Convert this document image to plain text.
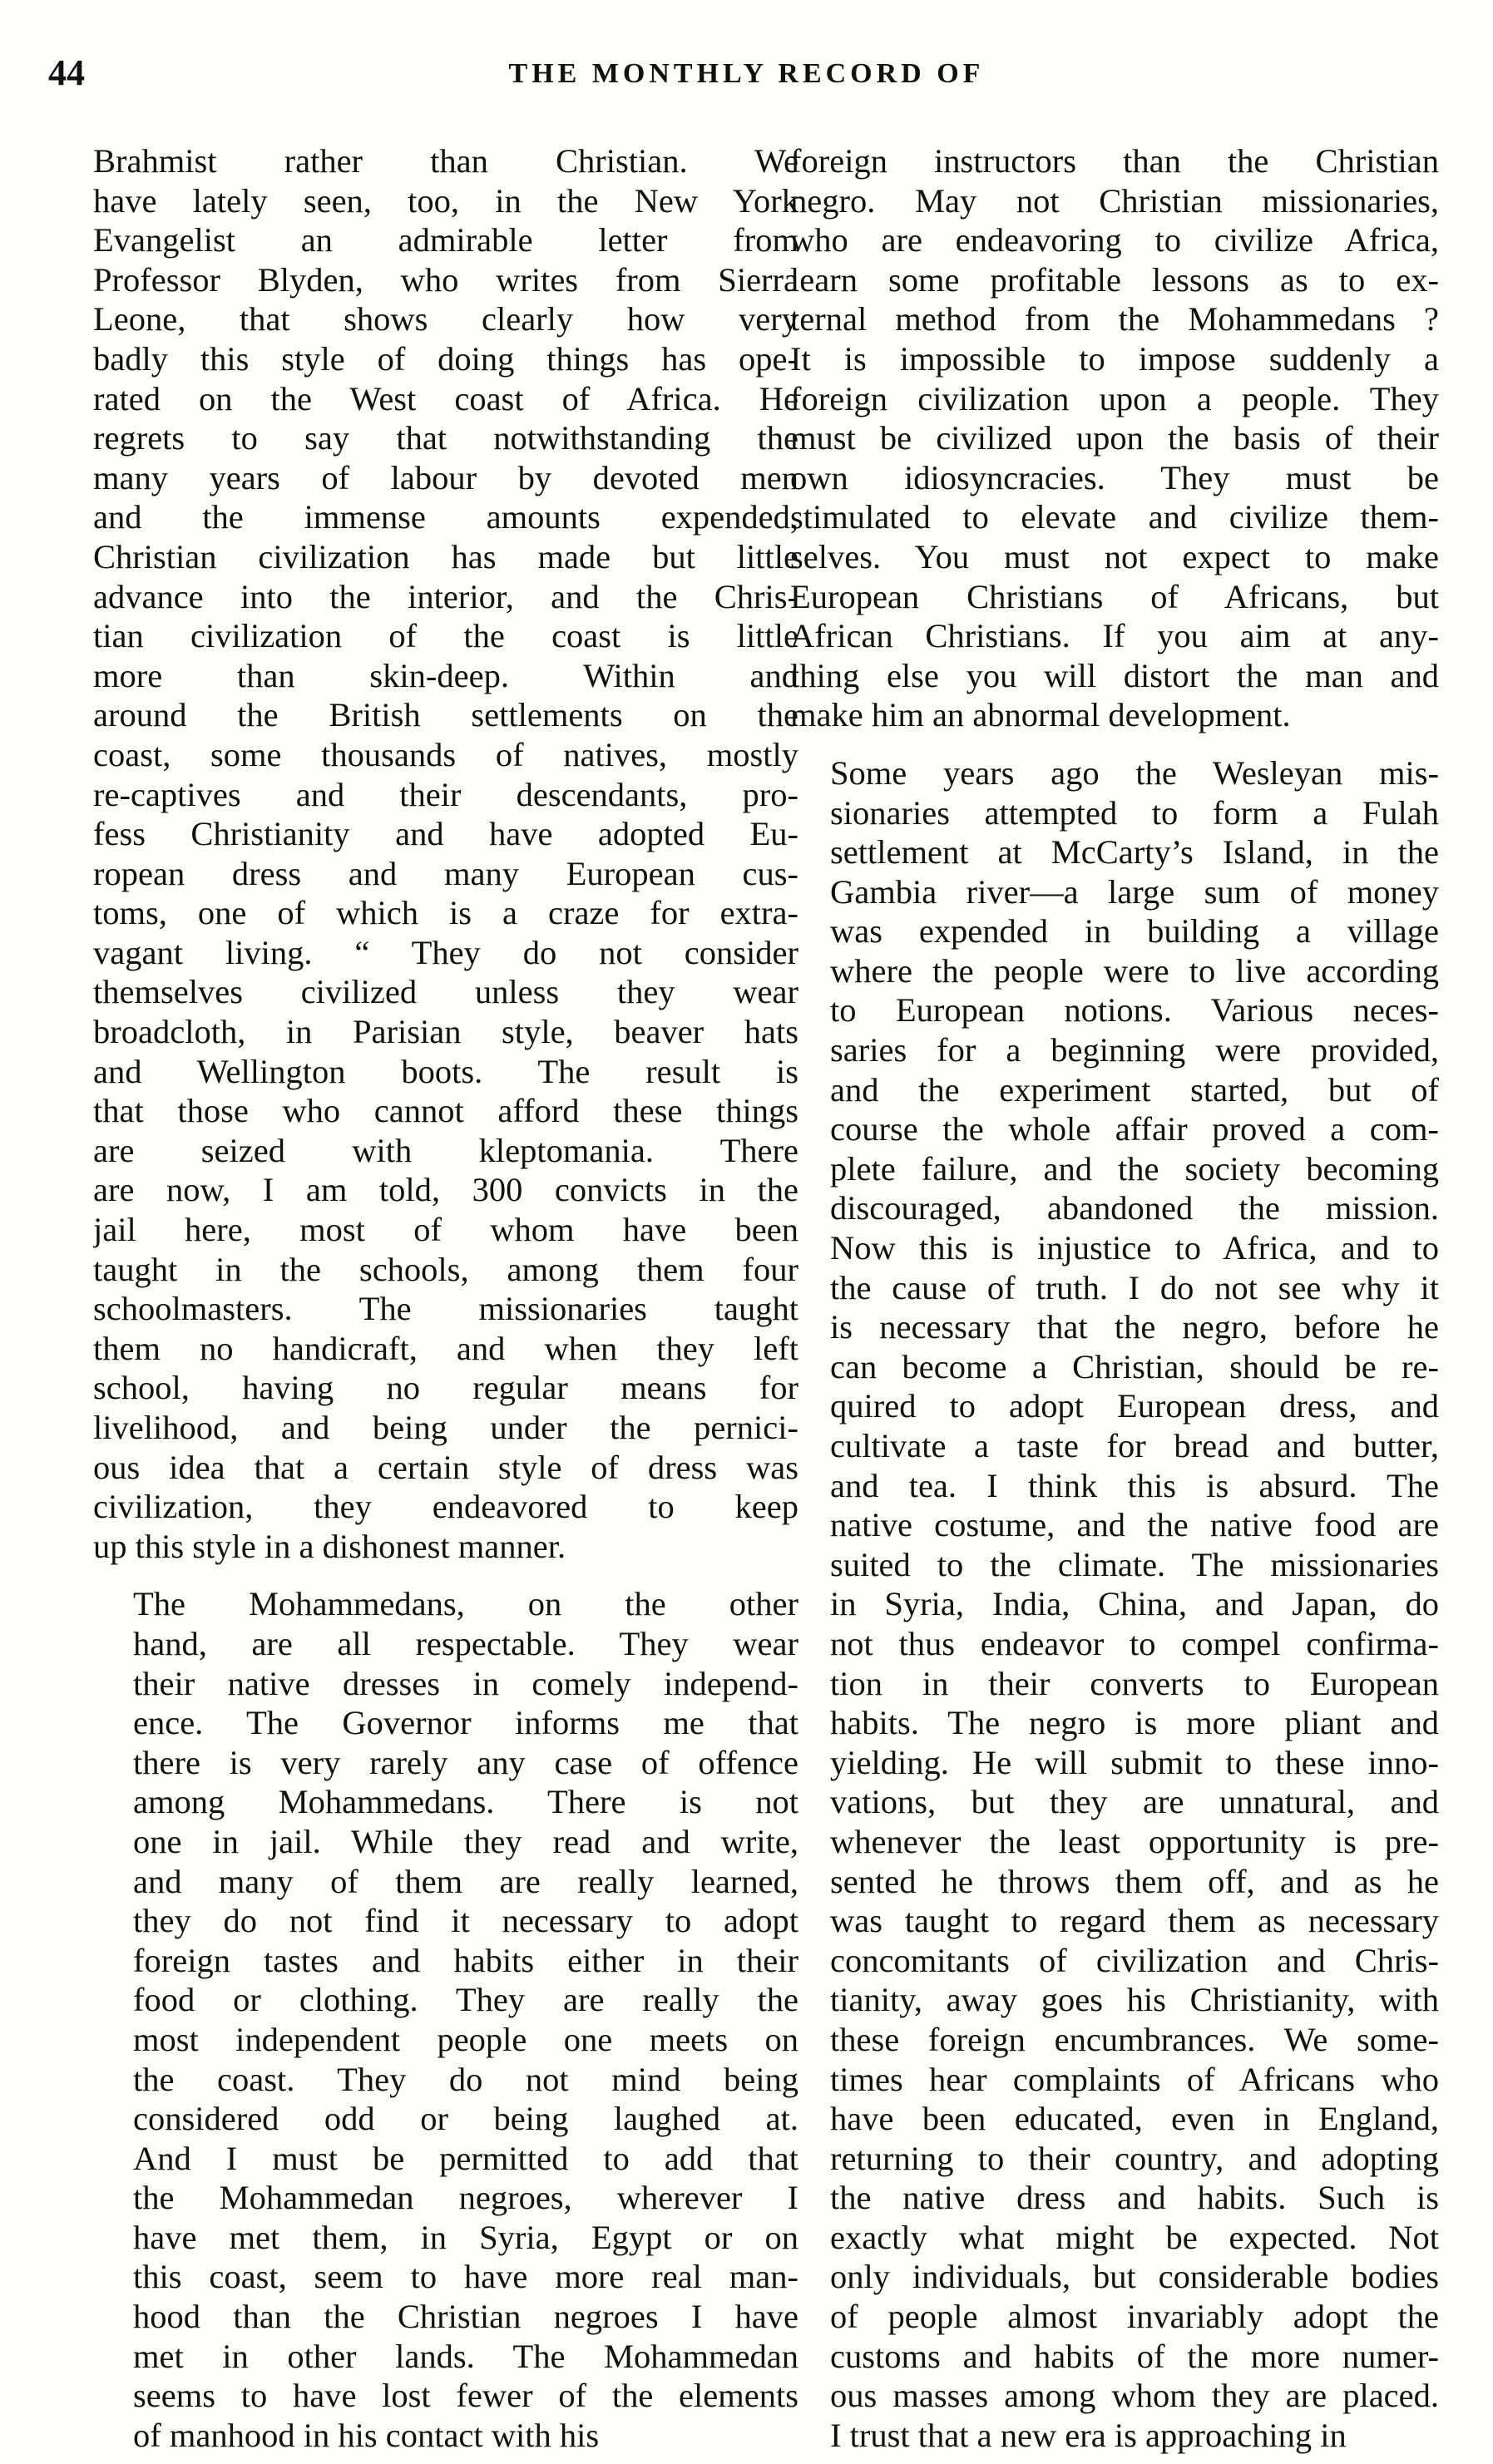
44	THE MONTHLY RECORD OF
Brahmist rather than Christian. We
have lately seen, too, in the New York
Evangelist an admirable letter from
Professor Blyden, who writes from Sierra
Leone, that shows clearly how very
badly this style of doing things has ope-
rated on the West coast of Africa. He
regrets to say that notwithstanding the
many years of labour by devoted men
and the immense amounts expended,
Christian civilization has made but little
advance into the interior, and the Chris-
tian civilization of the coast is little
more than skin-deep. Within and
around the British settlements on the
coast, some thousands of natives, mostly
re-captives and their descendants, pro-
fess Christianity and have adopted Eu-
ropean dress and many European cus-
toms, one of which is a craze for extra-
vagant living. “ They do not consider
themselves civilized unless they wear
broadcloth, in Parisian style, beaver hats
and Wellington boots. The result is
that those who cannot afford these things
are seized with kleptomania. There
are now, I am told, 300 convicts in the
jail here, most of whom have been
taught in the schools, among them four
schoolmasters. The missionaries taught
them no handicraft, and when they left
school, having no regular means for
livelihood, and being under the pernici-
ous idea that a certain style of dress was
civilization, they endeavored to keep
up this style in a dishonest manner.
The Mohammedans, on the other
hand, are all respectable. They wear
their native dresses in comely independ-
ence. The Governor informs me that
there is very rarely any case of offence
among Mohammedans. There is not
one in jail. While they read and write,
and many of them are really learned,
they do not find it necessary to adopt
foreign tastes and habits either in their
food or clothing. They are really the
most independent people one meets on
the coast. They do not mind being
considered odd or being laughed at.
And I must be permitted to add that
the Mohammedan negroes, wherever I
have met them, in Syria, Egypt or on
this coast, seem to have more real man-
hood than the Christian negroes I have
met in other lands. The Mohammedan
seems to have lost fewer of the elements
of manhood in his contact with his
foreign instructors than the Christian
negro. May not Christian missionaries,
who are endeavoring to civilize Africa,
learn some profitable lessons as to ex-
ternal method from the Mohammedans ?
It is impossible to impose suddenly a
foreign civilization upon a people. They
must be civilized upon the basis of their
own idiosyncracies. They must be
stimulated to elevate and civilize them-
selves. You must not expect to make
European Christians of Africans, but
African Christians. If you aim at any-
thing else you will distort the man and
make him an abnormal development.
Some years ago the Wesleyan mis-
sionaries attempted to form a Fulah
settlement at McCarty’s Island, in the
Gambia river—a large sum of money
was expended in building a village
where the people were to live according
to European notions. Various neces-
saries for a beginning were provided,
and the experiment started, but of
course the whole affair proved a com-
plete failure, and the society becoming
discouraged, abandoned the mission.
Now this is injustice to Africa, and to
the cause of truth. I do not see why it
is necessary that the negro, before he
can become a Christian, should be re-
quired to adopt European dress, and
cultivate a taste for bread and butter,
and tea. I think this is absurd. The
native costume, and the native food are
suited to the climate. The missionaries
in Syria, India, China, and Japan, do
not thus endeavor to compel confirma-
tion in their converts to European
habits. The negro is more pliant and
yielding. He will submit to these inno-
vations, but they are unnatural, and
whenever the least opportunity is pre-
sented he throws them off, and as he
was taught to regard them as necessary
concomitants of civilization and Chris-
tianity, away goes his Christianity, with
these foreign encumbrances. We some-
times hear complaints of Africans who
have been educated, even in England,
returning to their country, and adopting
the native dress and habits. Such is
exactly what might be expected. Not
only individuals, but considerable bodies
of people almost invariably adopt the
customs and habits of the more numer-
ous masses among whom they are placed.
I trust that a new era is approaching in
